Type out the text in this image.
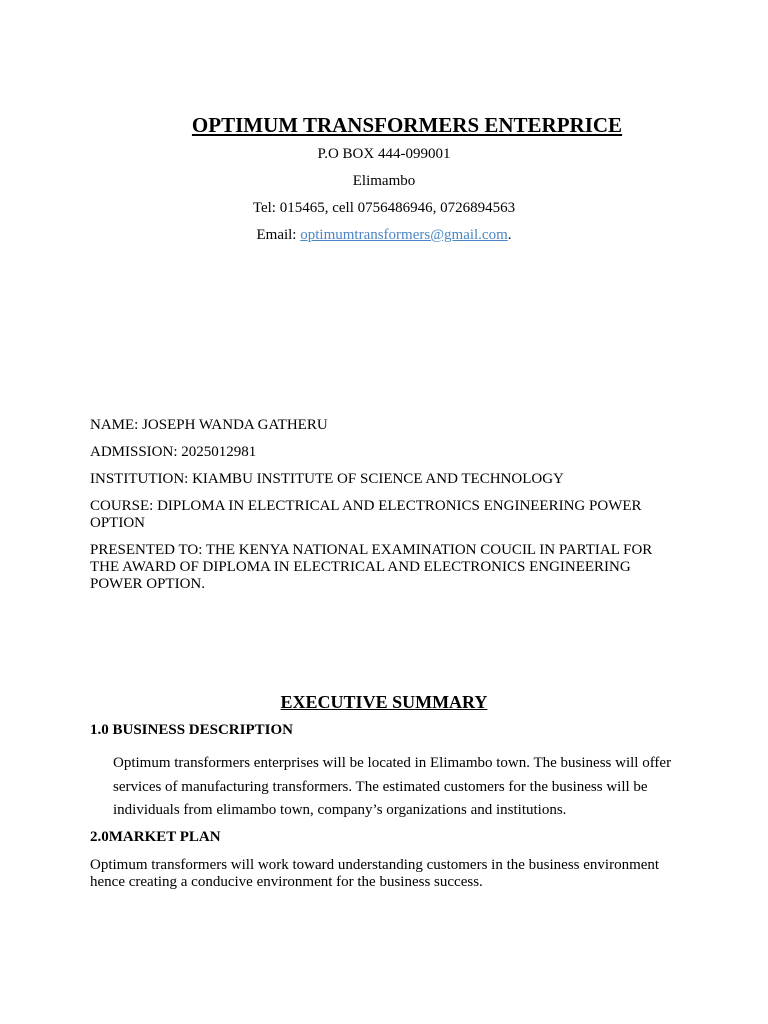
OPTIMUM TRANSFORMERS ENTERPRICE

P.O BOX 444-099001

Elimambo

Tel: 015465, cell 0756486946, 0726894563

Email: optimumtransformers@gmail.com.

NAME: JOSEPH WANDA GATHERU

ADMISSION: 2025012981

INSTITUTION: KIAMBU INSTITUTE OF SCIENCE AND TECHNOLOGY

COURSE: DIPLOMA IN ELECTRICAL AND ELECTRONICS ENGINEERING POWER OPTION

PRESENTED TO: THE KENYA NATIONAL EXAMINATION COUCIL IN PARTIAL FOR THE AWARD OF DIPLOMA IN ELECTRICAL AND ELECTRONICS ENGINEERING POWER OPTION.

EXECUTIVE SUMMARY
1.0 BUSINESS DESCRIPTION

Optimum transformers enterprises will be located in Elimambo town. The business will offer services of manufacturing transformers. The estimated customers for the business will be individuals from elimambo town, company’s organizations and institutions.

2.0MARKET PLAN

Optimum transformers will work toward understanding customers in the business environment hence creating a conducive environment for the business success.
